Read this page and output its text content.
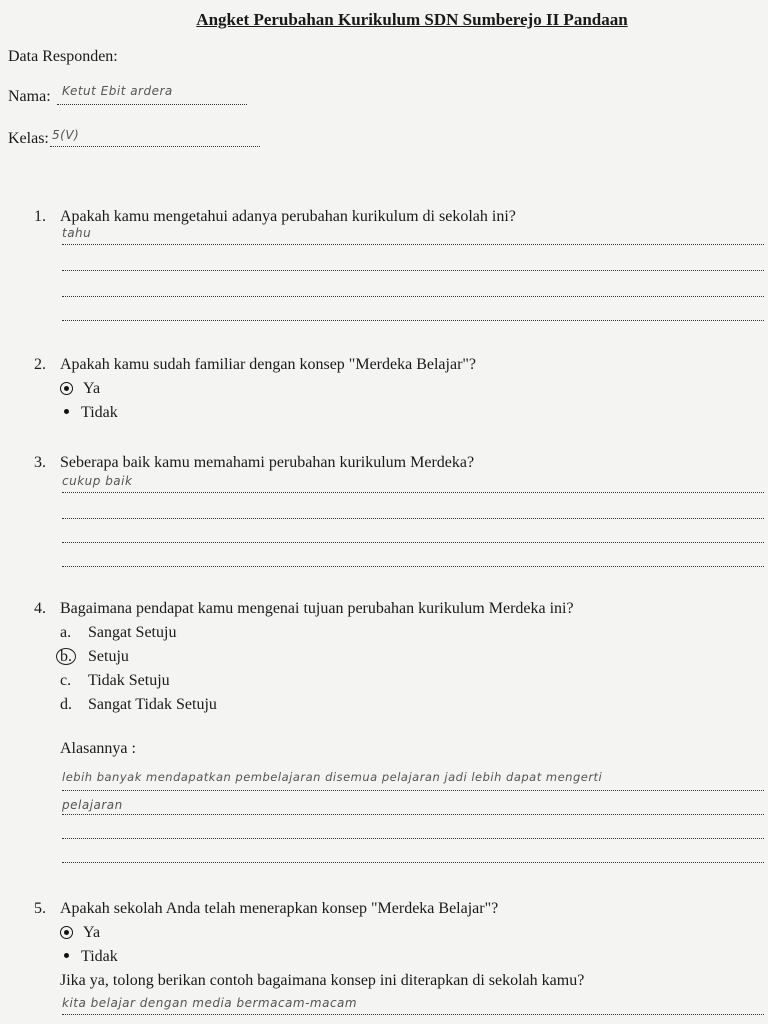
Angket Perubahan Kurikulum SDN Sumberejo II Pandaan
Data Responden:
Nama: Ketut Ebit ardera
Kelas: 5(V)
1. Apakah kamu mengetahui adanya perubahan kurikulum di sekolah ini?
tahu
2. Apakah kamu sudah familiar dengan konsep "Merdeka Belajar"?
Ya
Tidak
3. Seberapa baik kamu memahami perubahan kurikulum Merdeka?
cukup baik
4. Bagaimana pendapat kamu mengenai tujuan perubahan kurikulum Merdeka ini?
a. Sangat Setuju
b. Setuju
c. Tidak Setuju
d. Sangat Tidak Setuju
Alasannya :
lebih banyak mendapatkan pembelajaran disemua pelajaran jadi lebih dapat mengerti
pelajaran
5. Apakah sekolah Anda telah menerapkan konsep "Merdeka Belajar"?
Ya
Tidak
Jika ya, tolong berikan contoh bagaimana konsep ini diterapkan di sekolah kamu?
kita belajar dengan media bermacam-macam
